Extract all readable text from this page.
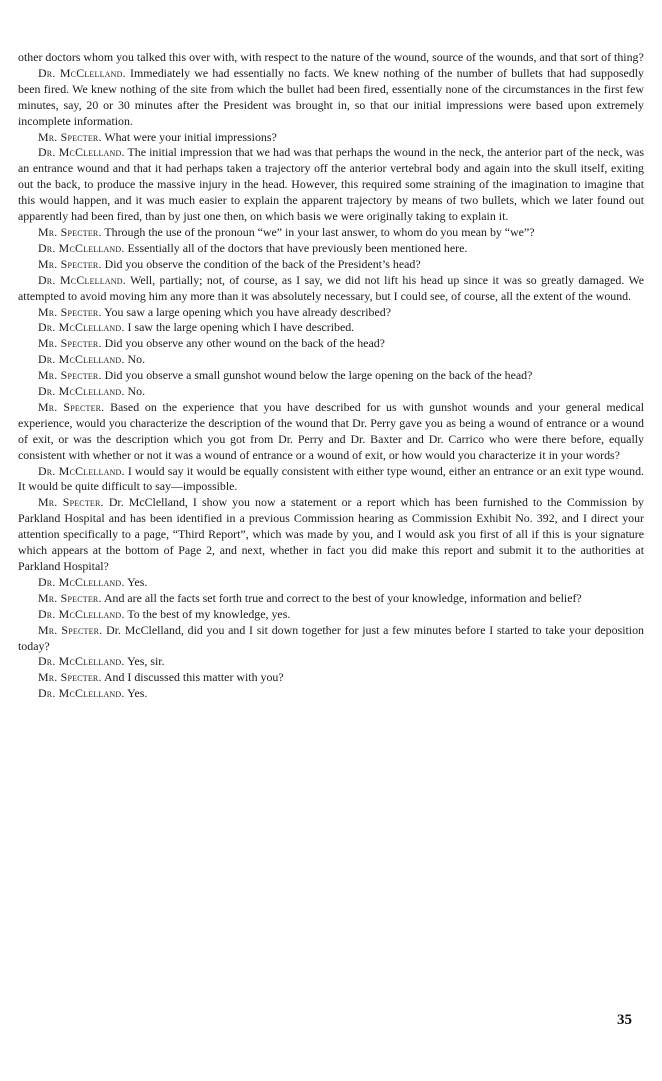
other doctors whom you talked this over with, with respect to the nature of the wound, source of the wounds, and that sort of thing?

Dr. McClelland. Immediately we had essentially no facts. We knew nothing of the number of bullets that had supposedly been fired. We knew nothing of the site from which the bullet had been fired, essentially none of the circumstances in the first few minutes, say, 20 or 30 minutes after the President was brought in, so that our initial impressions were based upon extremely incomplete information.

Mr. Specter. What were your initial impressions?

Dr. McClelland. The initial impression that we had was that perhaps the wound in the neck, the anterior part of the neck, was an entrance wound and that it had perhaps taken a trajectory off the anterior vertebral body and again into the skull itself, exiting out the back, to produce the massive injury in the head. However, this required some straining of the imagination to imagine that this would happen, and it was much easier to explain the apparent trajectory by means of two bullets, which we later found out apparently had been fired, than by just one then, on which basis we were originally taking to explain it.

Mr. Specter. Through the use of the pronoun “we” in your last answer, to whom do you mean by “we”?

Dr. McClelland. Essentially all of the doctors that have previously been mentioned here.

Mr. Specter. Did you observe the condition of the back of the President’s head?

Dr. McClelland. Well, partially; not, of course, as I say, we did not lift his head up since it was so greatly damaged. We attempted to avoid moving him any more than it was absolutely necessary, but I could see, of course, all the extent of the wound.

Mr. Specter. You saw a large opening which you have already described?

Dr. McClelland. I saw the large opening which I have described.

Mr. Specter. Did you observe any other wound on the back of the head?

Dr. McClelland. No.

Mr. Specter. Did you observe a small gunshot wound below the large opening on the back of the head?

Dr. McClelland. No.

Mr. Specter. Based on the experience that you have described for us with gunshot wounds and your general medical experience, would you characterize the description of the wound that Dr. Perry gave you as being a wound of entrance or a wound of exit, or was the description which you got from Dr. Perry and Dr. Baxter and Dr. Carrico who were there before, equally consistent with whether or not it was a wound of entrance or a wound of exit, or how would you characterize it in your words?

Dr. McClelland. I would say it would be equally consistent with either type wound, either an entrance or an exit type wound. It would be quite difficult to say—impossible.

Mr. Specter. Dr. McClelland, I show you now a statement or a report which has been furnished to the Commission by Parkland Hospital and has been identified in a previous Commission hearing as Commission Exhibit No. 392, and I direct your attention specifically to a page, “Third Report”, which was made by you, and I would ask you first of all if this is your signature which appears at the bottom of Page 2, and next, whether in fact you did make this report and submit it to the authorities at Parkland Hospital?

Dr. McClelland. Yes.

Mr. Specter. And are all the facts set forth true and correct to the best of your knowledge, information and belief?

Dr. McClelland. To the best of my knowledge, yes.

Mr. Specter. Dr. McClelland, did you and I sit down together for just a few minutes before I started to take your deposition today?

Dr. McClelland. Yes, sir.

Mr. Specter. And I discussed this matter with you?

Dr. McClelland. Yes.

35
